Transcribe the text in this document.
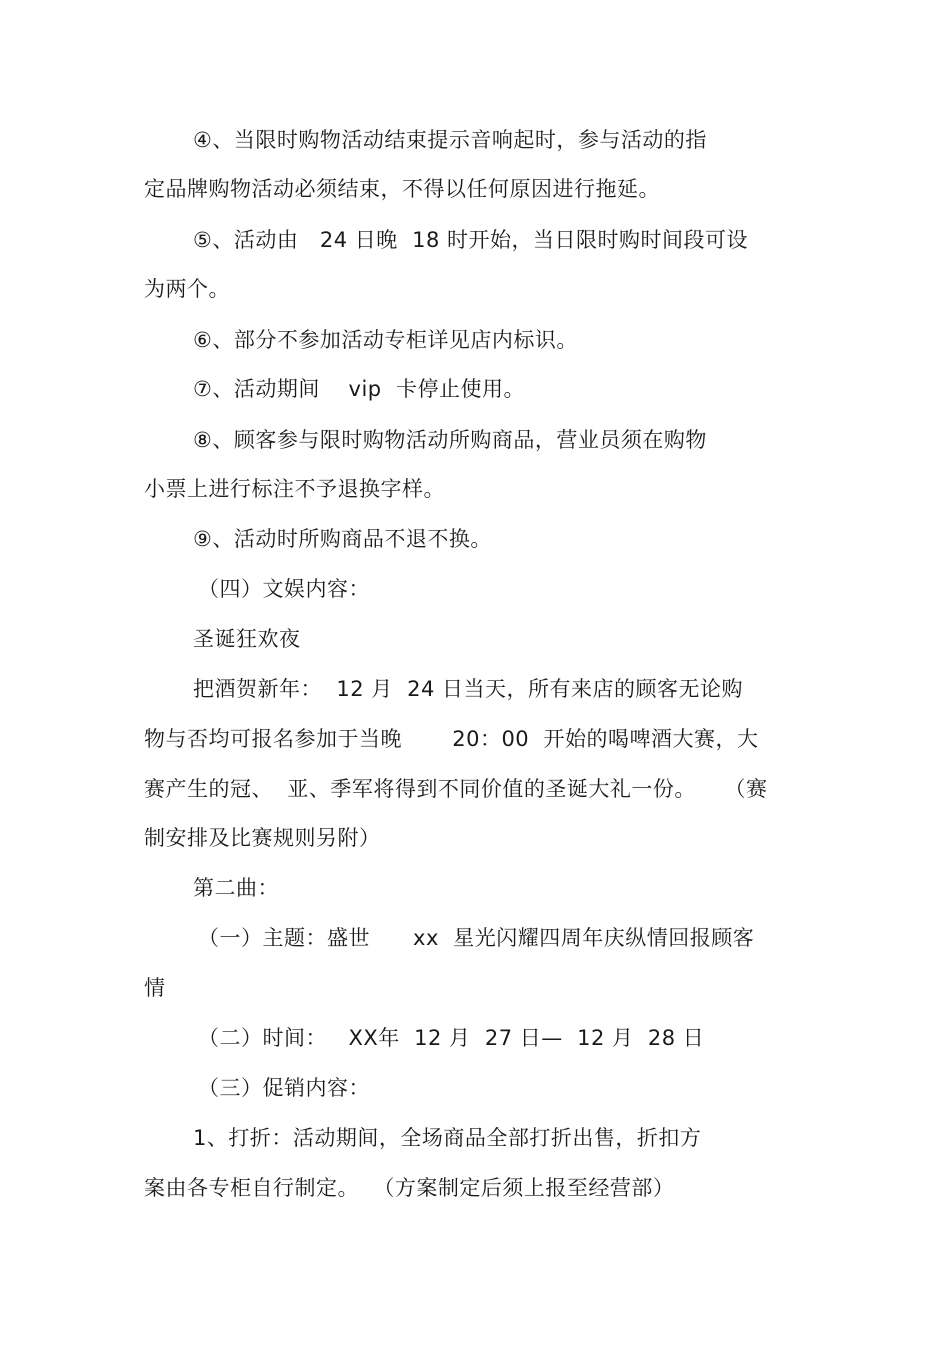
④、当限时购物活动结束提示音响起时，参与活动的指
定品牌购物活动必须结束，不得以任何原因进行拖延。
⑤、活动由   24 日晚  18 时开始，当日限时购时间段可设
为两个。
⑥、部分不参加活动专柜详见店内标识。
⑦、活动期间    vip  卡停止使用。
⑧、顾客参与限时购物活动所购商品，营业员须在购物
小票上进行标注不予退换字样。
⑨、活动时所购商品不退不换。
（四）文娱内容：
圣诞狂欢夜
把酒贺新年：  12 月  24 日当天，所有来店的顾客无论购
物与否均可报名参加于当晚       20：00  开始的喝啤酒大赛，大
赛产生的冠、  亚、季军将得到不同价值的圣诞大礼一份。    （赛
制安排及比赛规则另附）
第二曲：
（一）主题：盛世      xx  星光闪耀四周年庆纵情回报顾客
情
（二）时间：   XX年  12 月  27 日—  12 月  28 日
（三）促销内容：
1、打折：活动期间，全场商品全部打折出售，折扣方
案由各专柜自行制定。  （方案制定后须上报至经营部）
